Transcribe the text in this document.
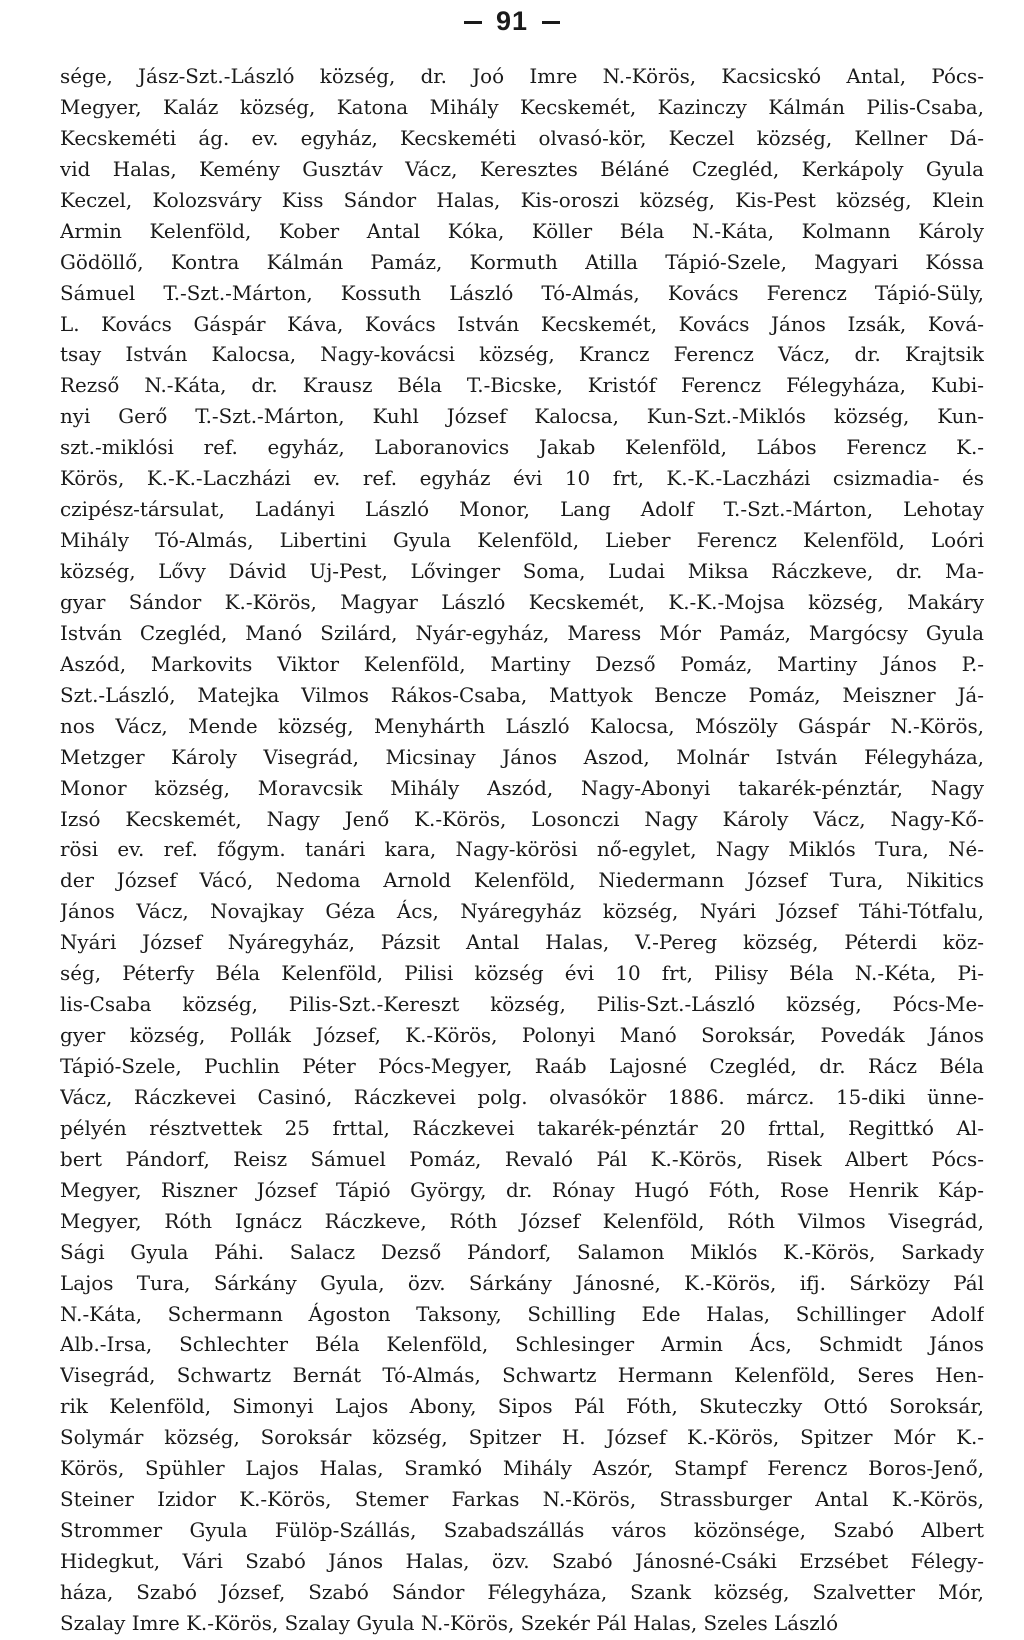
91
sége, Jász-Szt.-László község, dr. Joó Imre N.-Körös, Kacsicskó Antal, Pócs-
Megyer, Kaláz község, Katona Mihály Kecskemét, Kazinczy Kálmán Pilis-Csaba,
Kecskeméti ág. ev. egyház, Kecskeméti olvasó-kör, Keczel község, Kellner Dá-
vid Halas, Kemény Gusztáv Vácz, Keresztes Béláné Czegléd, Kerkápoly Gyula
Keczel, Kolozsváry Kiss Sándor Halas, Kis-oroszi község, Kis-Pest község, Klein
Armin Kelenföld, Kober Antal Kóka, Köller Béla N.-Káta, Kolmann Károly
Gödöllő, Kontra Kálmán Pamáz, Kormuth Atilla Tápió-Szele, Magyari Kóssa
Sámuel T.-Szt.-Márton, Kossuth László Tó-Almás, Kovács Ferencz Tápió-Süly,
L. Kovács Gáspár Káva, Kovács István Kecskemét, Kovács János Izsák, Ková-
tsay István Kalocsa, Nagy-kovácsi község, Krancz Ferencz Vácz, dr. Krajtsik
Rezső N.-Káta, dr. Krausz Béla T.-Bicske, Kristóf Ferencz Félegyháza, Kubi-
nyi Gerő T.-Szt.-Márton, Kuhl József Kalocsa, Kun-Szt.-Miklós község, Kun-
szt.-miklósi ref. egyház, Laboranovics Jakab Kelenföld, Lábos Ferencz K.-
Körös, K.-K.-Laczházi ev. ref. egyház évi 10 frt, K.-K.-Laczházi csizmadia- és
czipész-társulat, Ladányi László Monor, Lang Adolf T.-Szt.-Márton, Lehotay
Mihály Tó-Almás, Libertini Gyula Kelenföld, Lieber Ferencz Kelenföld, Loóri
község, Lővy Dávid Uj-Pest, Lővinger Soma, Ludai Miksa Ráczkeve, dr. Ma-
gyar Sándor K.-Körös, Magyar László Kecskemét, K.-K.-Mojsa község, Makáry
István Czegléd, Manó Szilárd, Nyár-egyház, Maress Mór Pamáz, Margócsy Gyula
Aszód, Markovits Viktor Kelenföld, Martiny Dezső Pomáz, Martiny János P.-
Szt.-László, Matejka Vilmos Rákos-Csaba, Mattyok Bencze Pomáz, Meiszner Já-
nos Vácz, Mende község, Menyhárth László Kalocsa, Mószöly Gáspár N.-Körös,
Metzger Károly Visegrád, Micsinay János Aszod, Molnár István Félegyháza,
Monor község, Moravcsik Mihály Aszód, Nagy-Abonyi takarék-pénztár, Nagy
Izsó Kecskemét, Nagy Jenő K.-Körös, Losonczi Nagy Károly Vácz, Nagy-Kő-
rösi ev. ref. főgym. tanári kara, Nagy-körösi nő-egylet, Nagy Miklós Tura, Né-
der József Vácó, Nedoma Arnold Kelenföld, Niedermann József Tura, Nikitics
János Vácz, Novajkay Géza Ács, Nyáregyház község, Nyári József Táhi-Tótfalu,
Nyári József Nyáregyház, Pázsit Antal Halas, V.-Pereg község, Péterdi köz-
ség, Péterfy Béla Kelenföld, Pilisi község évi 10 frt, Pilisy Béla N.-Kéta, Pi-
lis-Csaba község, Pilis-Szt.-Kereszt község, Pilis-Szt.-László község, Pócs-Me-
gyer község, Pollák József, K.-Körös, Polonyi Manó Soroksár, Povedák János
Tápió-Szele, Puchlin Péter Pócs-Megyer, Raáb Lajosné Czegléd, dr. Rácz Béla
Vácz, Ráczkevei Casinó, Ráczkevei polg. olvasókör 1886. márcz. 15-diki ünne-
pélyén résztvettek 25 frttal, Ráczkevei takarék-pénztár 20 frttal, Regittkó Al-
bert Pándorf, Reisz Sámuel Pomáz, Revaló Pál K.-Körös, Risek Albert Pócs-
Megyer, Riszner József Tápió György, dr. Rónay Hugó Fóth, Rose Henrik Káp-
Megyer, Róth Ignácz Ráczkeve, Róth József Kelenföld, Róth Vilmos Visegrád,
Sági Gyula Páhi. Salacz Dezső Pándorf, Salamon Miklós K.-Körös, Sarkady
Lajos Tura, Sárkány Gyula, özv. Sárkány Jánosné, K.-Körös, ifj. Sárközy Pál
N.-Káta, Schermann Ágoston Taksony, Schilling Ede Halas, Schillinger Adolf
Alb.-Irsa, Schlechter Béla Kelenföld, Schlesinger Armin Ács, Schmidt János
Visegrád, Schwartz Bernát Tó-Almás, Schwartz Hermann Kelenföld, Seres Hen-
rik Kelenföld, Simonyi Lajos Abony, Sipos Pál Fóth, Skuteczky Ottó Soroksár,
Solymár község, Soroksár község, Spitzer H. József K.-Körös, Spitzer Mór K.-
Körös, Spühler Lajos Halas, Sramkó Mihály Aszór, Stampf Ferencz Boros-Jenő,
Steiner Izidor K.-Körös, Stemer Farkas N.-Körös, Strassburger Antal K.-Körös,
Strommer Gyula Fülöp-Szállás, Szabadszállás város közönsége, Szabó Albert
Hidegkut, Vári Szabó János Halas, özv. Szabó Jánosné-Csáki Erzsébet Félegy-
háza, Szabó József, Szabó Sándor Félegyháza, Szank község, Szalvetter Mór,
Szalay Imre K.-Körös, Szalay Gyula N.-Körös, Szekér Pál Halas, Szeles László
